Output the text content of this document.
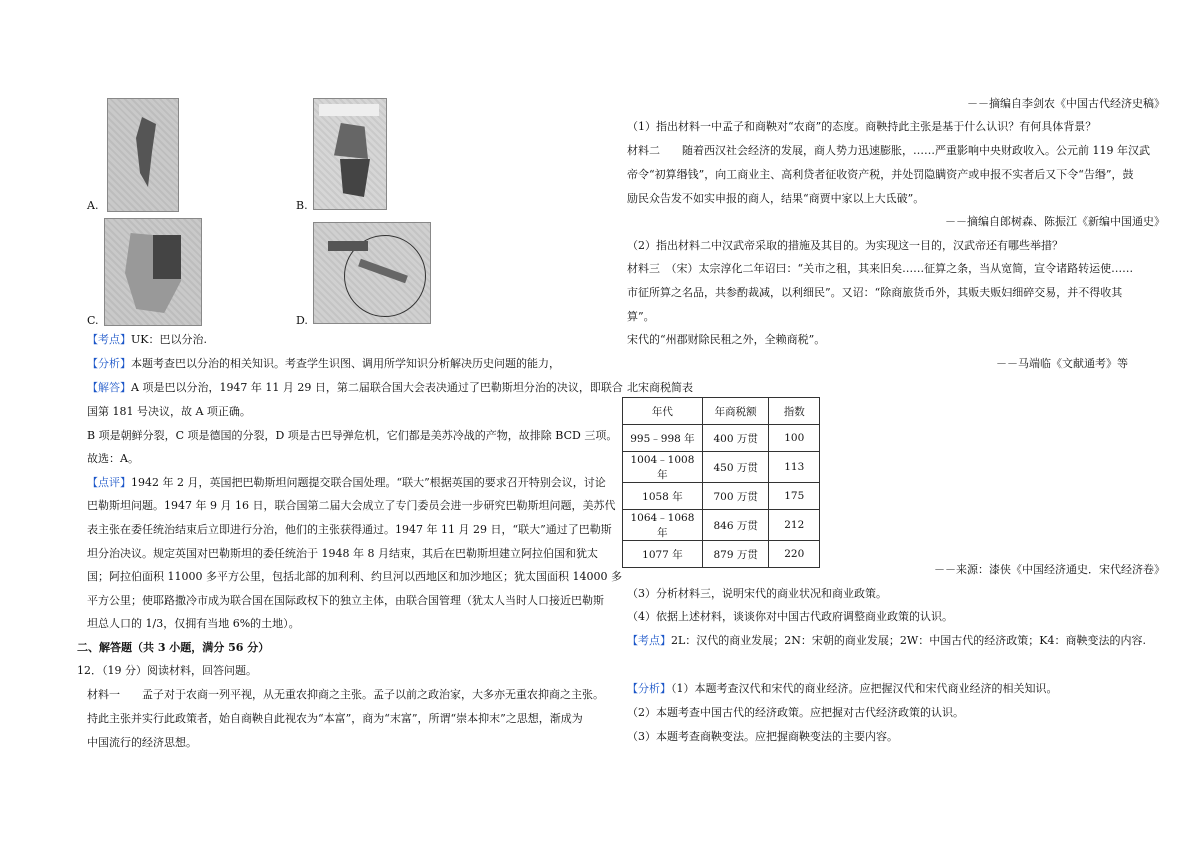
A.	B.
C.	D.
【考点】UK：巴以分治.
【分析】本题考查巴以分治的相关知识。考查学生识图、调用所学知识分析解决历史问题的能力，
【解答】A 项是巴以分治，1947 年 11 月 29 日，第二届联合国大会表决通过了巴勒斯坦分治的决议，即联合
国第 181 号决议，故 A 项正确。
B 项是朝鲜分裂，C 项是德国的分裂，D 项是古巴导弹危机，它们都是美苏冷战的产物，故排除 BCD 三项。
故选：A。
【点评】1942 年 2 月，英国把巴勒斯坦问题提交联合国处理。“联大”根据英国的要求召开特别会议，讨论
巴勒斯坦问题。1947 年 9 月 16 日，联合国第二届大会成立了专门委员会进一步研究巴勒斯坦问题，美苏代
表主张在委任统治结束后立即进行分治，他们的主张获得通过。1947 年 11 月 29 日，“联大”通过了巴勒斯
坦分治决议。规定英国对巴勒斯坦的委任统治于 1948 年 8 月结束，其后在巴勒斯坦建立阿拉伯国和犹太
国；阿拉伯面积 11000 多平方公里，包括北部的加利利、约旦河以西地区和加沙地区；犹太国面积 14000 多
平方公里；使耶路撒冷市成为联合国在国际政权下的独立主体，由联合国管理（犹太人当时人口接近巴勒斯
坦总人口的 1/3，仅拥有当地 6%的土地）。
二、解答题（共 3 小题，满分 56 分）
12．（19 分）阅读材料，回答问题。
材料一　　孟子对于农商一列平视，从无重农抑商之主张。孟子以前之政治家，大多亦无重农抑商之主张。
持此主张并实行此政策者，始自商鞅自此视农为“本富”，商为“末富”，所谓“崇本抑末”之思想，渐成为
中国流行的经济思想。
－－摘编自李剑农《中国古代经济史稿》
（1）指出材料一中孟子和商鞅对“农商”的态度。商鞅持此主张是基于什么认识？有何具体背景？
材料二　　随着西汉社会经济的发展，商人势力迅速膨胀，……严重影响中央财政收入。公元前 119 年汉武
帝令“初算缗钱”，向工商业主、高利贷者征收资产税，并处罚隐瞒资产或申报不实者后又下令“告缗”，鼓
励民众告发不如实申报的商人，结果“商贾中家以上大氐破”。
－－摘编自郎树森、陈振江《新编中国通史》
（2）指出材料二中汉武帝采取的措施及其目的。为实现这一目的，汉武帝还有哪些举措？
材料三　（宋）太宗淳化二年诏曰：“关市之租，其来旧矣……征算之条，当从宽简，宣令诸路转运使……
市征所算之名品，共参酌裁减，以利细民”。又诏：“除商旅货币外，其贩夫贩妇细碎交易，并不得收其
算”。
宋代的“州郡财除民租之外，全赖商税”。
－－马端临《文献通考》等
北宋商税简表
年代	年商税额	指数
995﹣998 年	400 万贯	100
1004﹣1008 年	450 万贯	113
1058 年	700 万贯	175
1064﹣1068 年	846 万贯	212
1077 年	879 万贯	220
－－来源：漆侠《中国经济通史．宋代经济卷》
（3）分析材料三，说明宋代的商业状况和商业政策。
（4）依据上述材料，谈谈你对中国古代政府调整商业政策的认识。
【考点】2L：汉代的商业发展；2N：宋朝的商业发展；2W：中国古代的经济政策；K4：商鞅变法的内容.
【分析】（1）本题考查汉代和宋代的商业经济。应把握汉代和宋代商业经济的相关知识。
（2）本题考查中国古代的经济政策。应把握对古代经济政策的认识。
（3）本题考查商鞅变法。应把握商鞅变法的主要内容。
